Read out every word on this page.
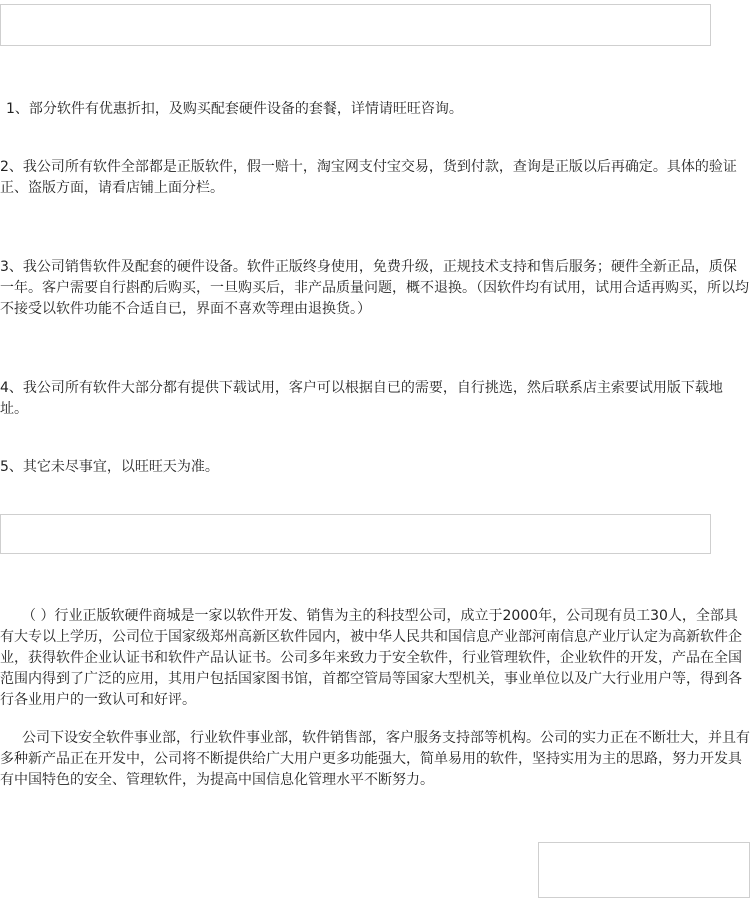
1、部分软件有优惠折扣，及购买配套硬件设备的套餐，详情请旺旺咨询。

2、我公司所有软件全部都是正版软件，假一赔十，淘宝网支付宝交易，货到付款，查询是正版以后再确定。具体的验证正、盗版方面，请看店铺上面分栏。

3、我公司销售软件及配套的硬件设备。软件正版终身使用，免费升级，正规技术支持和售后服务；硬件全新正品，质保一年。客户需要自行斟酌后购买，一旦购买后，非产品质量问题，概不退换。（因软件均有试用，试用合适再购买，所以均不接受以软件功能不合适自已，界面不喜欢等理由退换货。）

4、我公司所有软件大部分都有提供下载试用，客户可以根据自已的需要，自行挑选，然后联系店主索要试用版下载地址。

5、其它未尽事宜，以旺旺天为准。

（ ）行业正版软硬件商城是一家以软件开发、销售为主的科技型公司，成立于2000年，公司现有员工30人，全部具有大专以上学历，公司位于国家级郑州高新区软件园内，被中华人民共和国信息产业部河南信息产业厅认定为高新软件企业，获得软件企业认证书和软件产品认证书。公司多年来致力于安全软件，行业管理软件，企业软件的开发，产品在全国范围内得到了广泛的应用，其用户包括国家图书馆，首都空管局等国家大型机关，事业单位以及广大行业用户等，得到各行各业用户的一致认可和好评。

公司下设安全软件事业部，行业软件事业部，软件销售部，客户服务支持部等机构。公司的实力正在不断壮大，并且有多种新产品正在开发中，公司将不断提供给广大用户更多功能强大，简单易用的软件，坚持实用为主的思路，努力开发具有中国特色的安全、管理软件，为提高中国信息化管理水平不断努力。
